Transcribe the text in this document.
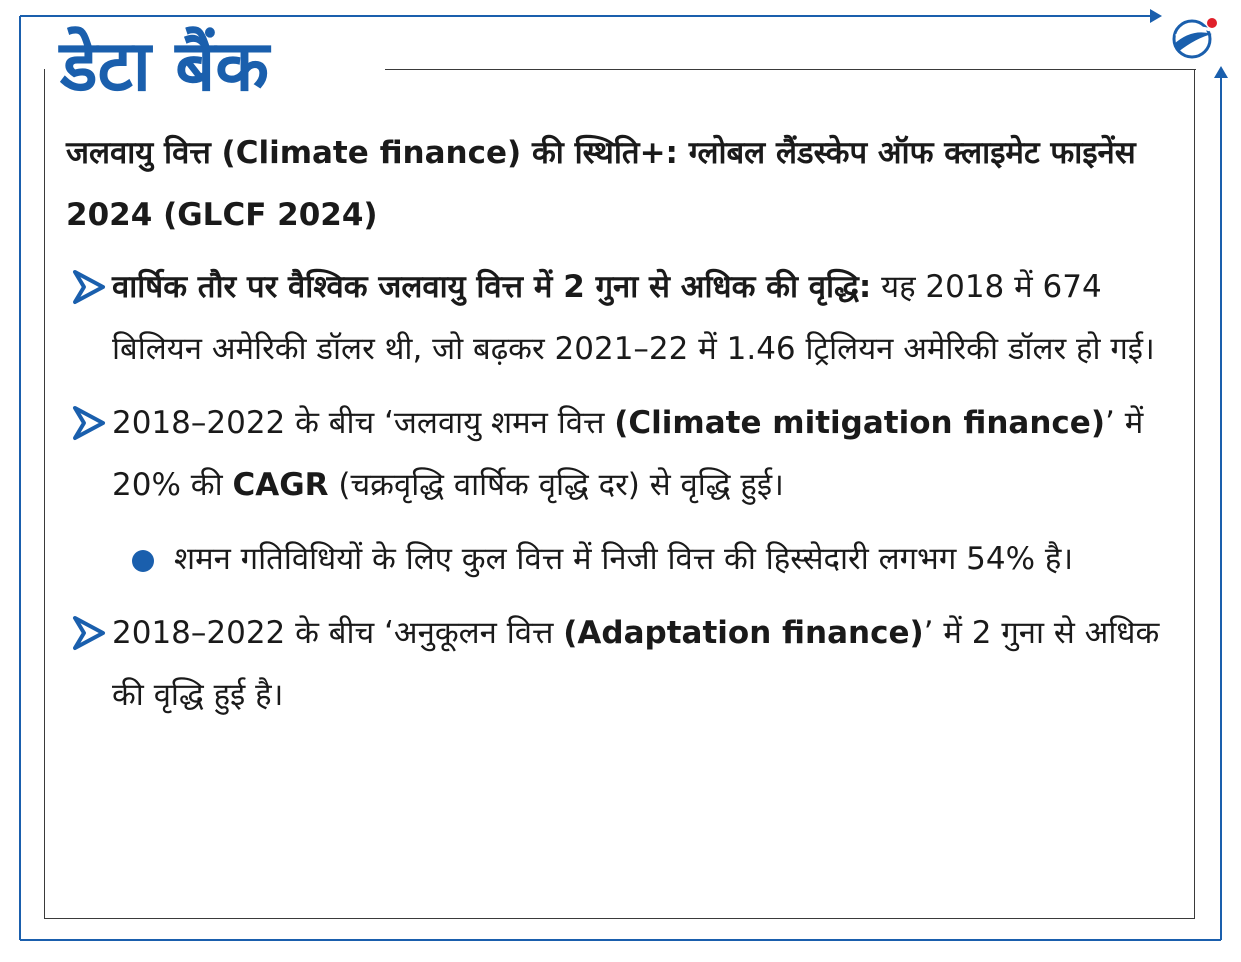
डेटा बैंक

जलवायु वित्त (Climate finance) की स्थिति+: ग्लोबल लैंडस्केप ऑफ क्लाइमेट फाइनेंस 2024 (GLCF 2024)

वार्षिक तौर पर वैश्विक जलवायु वित्त में 2 गुना से अधिक की वृद्धि: यह 2018 में 674 बिलियन अमेरिकी डॉलर थी, जो बढ़कर 2021–22 में 1.46 ट्रिलियन अमेरिकी डॉलर हो गई।
2018–2022 के बीच ‘जलवायु शमन वित्त (Climate mitigation finance)’ में 20% की CAGR (चक्रवृद्धि वार्षिक वृद्धि दर) से वृद्धि हुई।
शमन गतिविधियों के लिए कुल वित्त में निजी वित्त की हिस्सेदारी लगभग 54% है।
2018–2022 के बीच ‘अनुकूलन वित्त (Adaptation finance)’ में 2 गुना से अधिक की वृद्धि हुई है।
